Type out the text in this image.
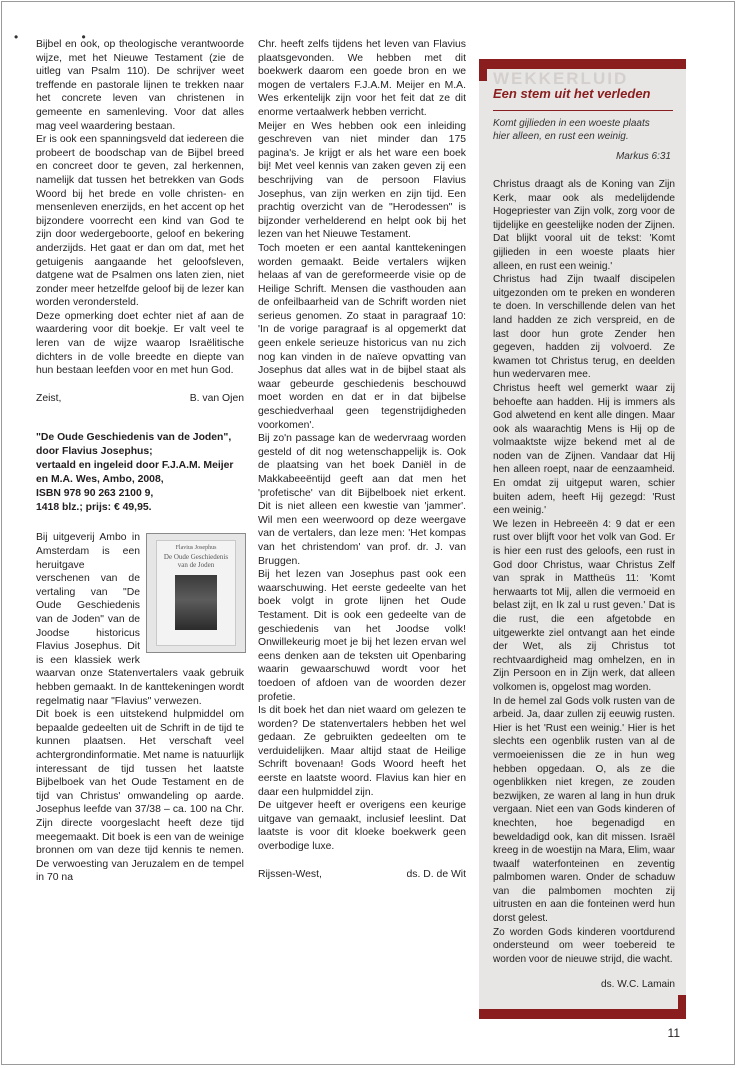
• •

Bijbel en ook, op theologische verantwoorde wijze, met het Nieuwe Testament (zie de uitleg van Psalm 110). De schrijver weet treffende en pastorale lijnen te trekken naar het concrete leven van christenen in gemeente en samenleving. Voor dat alles mag veel waardering bestaan.

Er is ook een spanningsveld dat iedereen die probeert de boodschap van de Bijbel breed en concreet door te geven, zal herkennen, namelijk dat tussen het betrekken van Gods Woord bij het brede en volle christen- en mensenleven enerzijds, en het accent op het bijzondere voorrecht een kind van God te zijn door wedergeboorte, geloof en bekering anderzijds. Het gaat er dan om dat, met het getuigenis aangaande het geloofsleven, datgene wat de Psalmen ons laten zien, niet zonder meer hetzelfde geloof bij de lezer kan worden verondersteld.

Deze opmerking doet echter niet af aan de waardering voor dit boekje. Er valt veel te leren van de wijze waarop Israëlitische dichters in de volle breedte en diepte van hun bestaan leefden voor en met hun God.

Zeist,	B. van Ojen

"De Oude Geschiedenis van de Joden", door Flavius Josephus;

vertaald en ingeleid door F.J.A.M. Meijer en M.A. Wes, Ambo, 2008,

ISBN 978 90 263 2100 9,

1418 blz.; prijs: € 49,95.

Flavius Josephus
De Oude Geschiedenis van de Joden

Bij uitgeverij Ambo in Amsterdam is een heruitgave verschenen van de vertaling van "De Oude Geschiedenis van de Joden" van de Joodse historicus Flavius Josephus. Dit is een klassiek werk waarvan onze Statenvertalers vaak gebruik hebben gemaakt. In de kanttekeningen wordt regelmatig naar "Flavius" verwezen.

Dit boek is een uitstekend hulpmiddel om bepaalde gedeelten uit de Schrift in de tijd te kunnen plaatsen. Het verschaft veel achtergrondinformatie. Met name is natuurlijk interessant de tijd tussen het laatste Bijbelboek van het Oude Testament en de tijd van Christus' omwandeling op aarde. Josephus leefde van 37/38 – ca. 100 na Chr. Zijn directe voorgeslacht heeft deze tijd meegemaakt. Dit boek is een van de weinige bronnen om van deze tijd kennis te nemen. De verwoesting van Jeruzalem en de tempel in 70 na

Chr. heeft zelfs tijdens het leven van Flavius plaatsgevonden. We hebben met dit boekwerk daarom een goede bron en we mogen de vertalers F.J.A.M. Meijer en M.A. Wes erkentelijk zijn voor het feit dat ze dit enorme vertaalwerk hebben verricht.

Meijer en Wes hebben ook een inleiding geschreven van niet minder dan 175 pagina's. Je krijgt er als het ware een boek bij! Met veel kennis van zaken geven zij een beschrijving van de persoon Flavius Josephus, van zijn werken en zijn tijd. Een prachtig overzicht van de "Herodessen" is bijzonder verhelderend en helpt ook bij het lezen van het Nieuwe Testament.

Toch moeten er een aantal kanttekeningen worden gemaakt. Beide vertalers wijken helaas af van de gereformeerde visie op de Heilige Schrift. Mensen die vasthouden aan de onfeilbaarheid van de Schrift worden niet serieus genomen. Zo staat in paragraaf 10: 'In de vorige paragraaf is al opgemerkt dat geen enkele serieuze historicus van nu zich nog kan vinden in de naïeve opvatting van Josephus dat alles wat in de bijbel staat als waar gebeurde geschiedenis beschouwd moet worden en dat er in dat bijbelse geschiedverhaal geen tegenstrijdigheden voorkomen'.

Bij zo'n passage kan de wedervraag worden gesteld of dit nog wetenschappelijk is. Ook de plaatsing van het boek Daniël in de Makkabeeëntijd geeft aan dat men het 'profetische' van dit Bijbelboek niet erkent. Dit is niet alleen een kwestie van 'jammer'. Wil men een weerwoord op deze weergave van de vertalers, dan leze men: 'Het kompas van het christendom' van prof. dr. J. van Bruggen.

Bij het lezen van Josephus past ook een waarschuwing. Het eerste gedeelte van het boek volgt in grote lijnen het Oude Testament. Dit is ook een gedeelte van de geschiedenis van het Joodse volk! Onwillekeurig moet je bij het lezen ervan wel eens denken aan de teksten uit Openbaring waarin gewaarschuwd wordt voor het toedoen of afdoen van de woorden dezer profetie.

Is dit boek het dan niet waard om gelezen te worden? De statenvertalers hebben het wel gedaan. Ze gebruikten gedeelten om te verduidelijken. Maar altijd staat de Heilige Schrift bovenaan! Gods Woord heeft het eerste en laatste woord. Flavius kan hier en daar een hulpmiddel zijn.

De uitgever heeft er overigens een keurige uitgave van gemaakt, inclusief leeslint. Dat laatste is voor dit kloeke boekwerk geen overbodige luxe.

Rijssen-West,	ds. D. de Wit
WEKKERLUID
Een stem uit het verleden

Komt gijlieden in een woeste plaats

hier alleen, en rust een weinig.

Markus 6:31

Christus draagt als de Koning van Zijn Kerk, maar ook als medelijdende Hogepriester van Zijn volk, zorg voor de tijdelijke en geestelijke noden der Zijnen. Dat blijkt vooral uit de tekst: 'Komt gijlieden in een woeste plaats hier alleen, en rust een weinig.'

Christus had Zijn twaalf discipelen uitgezonden om te preken en wonderen te doen. In verschillende delen van het land hadden ze zich verspreid, en de last door hun grote Zender hen gegeven, hadden zij volvoerd. Ze kwamen tot Christus terug, en deelden hun wedervaren mee.

Christus heeft wel gemerkt waar zij behoefte aan hadden. Hij is immers als God alwetend en kent alle dingen. Maar ook als waarachtig Mens is Hij op de volmaaktste wijze bekend met al de noden van de Zijnen. Vandaar dat Hij hen alleen roept, naar de eenzaamheid. En omdat zij uitgeput waren, schier buiten adem, heeft Hij gezegd: 'Rust een weinig.'

We lezen in Hebreeën 4: 9 dat er een rust over blijft voor het volk van God. Er is hier een rust des geloofs, een rust in God door Christus, waar Christus Zelf van sprak in Mattheüs 11: 'Komt herwaarts tot Mij, allen die vermoeid en belast zijt, en Ik zal u rust geven.' Dat is die rust, die een afgetobde en uitgewerkte ziel ontvangt aan het einde der Wet, als zij Christus tot rechtvaardigheid mag omhelzen, en in Zijn Persoon en in Zijn werk, dat alleen volkomen is, opgelost mag worden.

In de hemel zal Gods volk rusten van de arbeid. Ja, daar zullen zij eeuwig rusten. Hier is het 'Rust een weinig.' Hier is het slechts een ogenblik rusten van al de vermoeienissen die ze in hun weg hebben opgedaan. O, als ze die ogenblikken niet kregen, ze zouden bezwijken, ze waren al lang in hun druk vergaan. Niet een van Gods kinderen of knechten, hoe begenadigd en beweldadigd ook, kan dit missen. Israël kreeg in de woestijn na Mara, Elim, waar twaalf waterfonteinen en zeventig palmbomen waren. Onder de schaduw van die palmbomen mochten zij uitrusten en aan die fonteinen werd hun dorst gelest.

Zo worden Gods kinderen voortdurend ondersteund om weer toebereid te worden voor de nieuwe strijd, die wacht.

ds. W.C. Lamain
11
